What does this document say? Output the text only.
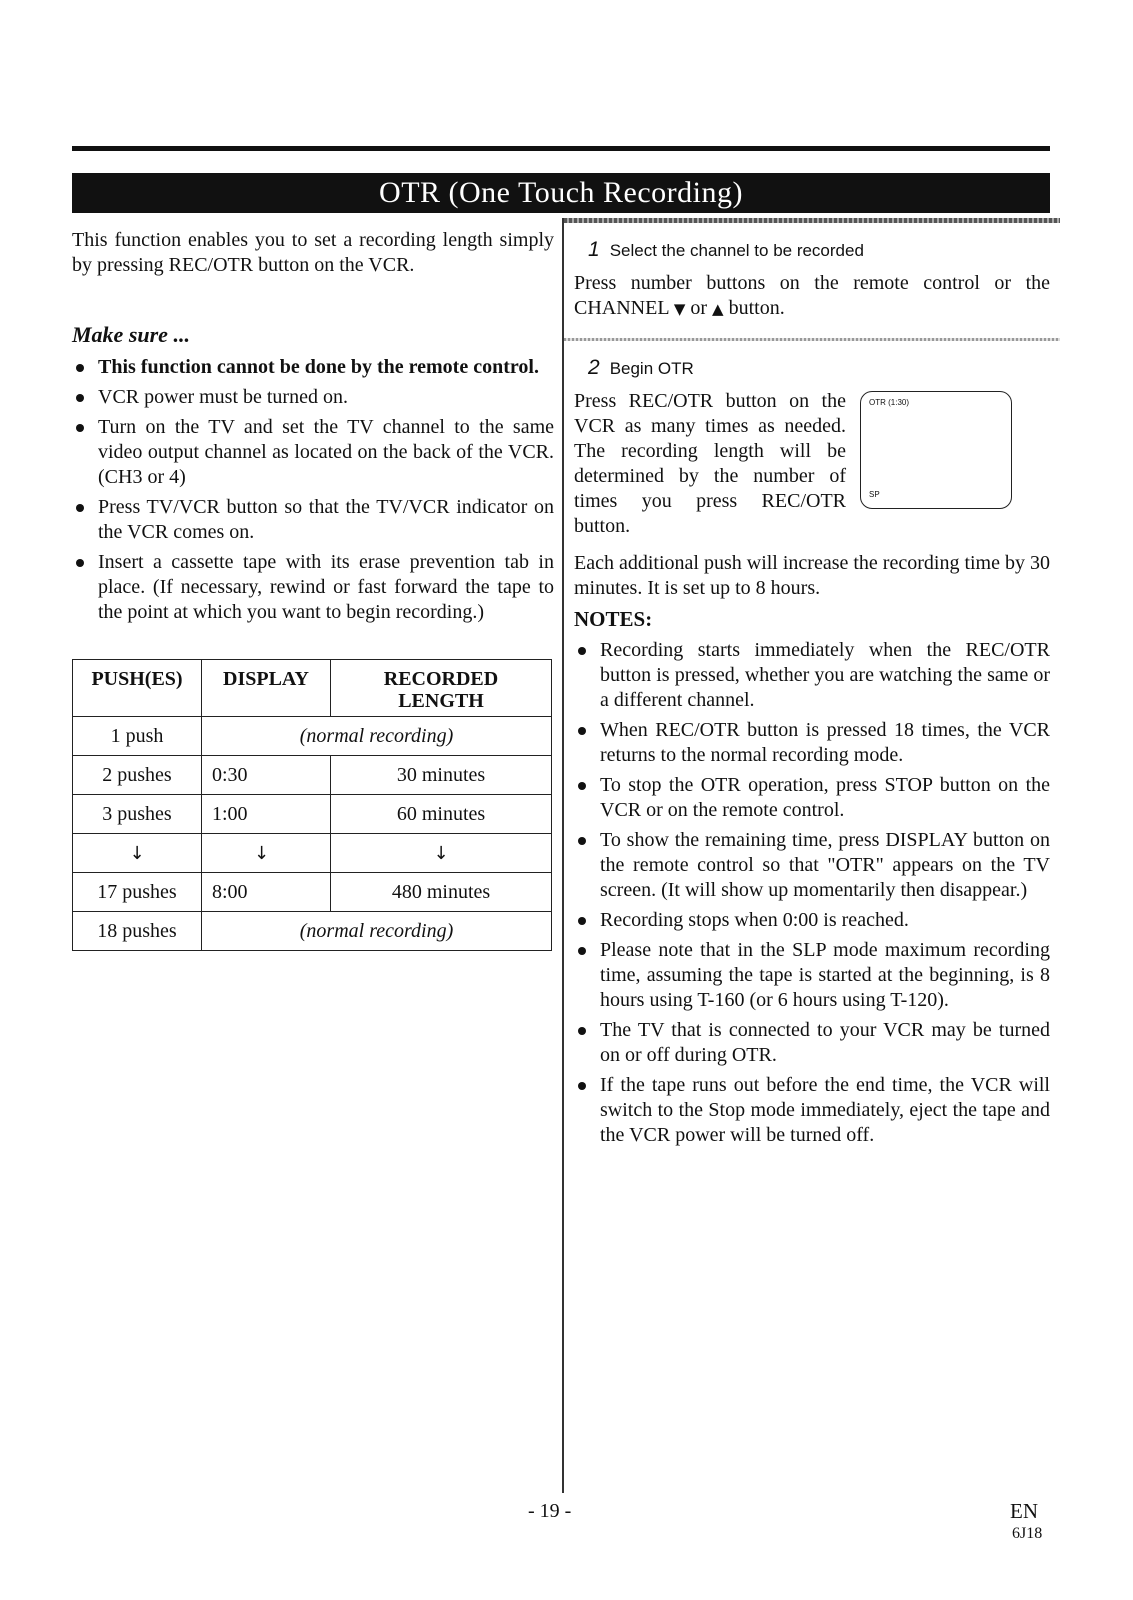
OTR (One Touch Recording)

This function enables you to set a recording length simply by pressing REC/OTR button on the VCR.

Make sure ...
This function cannot be done by the remote control.
VCR power must be turned on.
Turn on the TV and set the TV channel to the same video output channel as located on the back of the VCR. (CH3 or 4)
Press TV/VCR button so that the TV/VCR indicator on the VCR comes on.
Insert a cassette tape with its erase prevention tab in place. (If necessary, rewind or fast forward the tape to the point at which you want to begin recording.)
PUSH(ES)	DISPLAY	RECORDED LENGTH
1 push	(normal recording)	
2 pushes	0:30	30 minutes
3 pushes	1:00	60 minutes
↓	↓	↓
17 pushes	8:00	480 minutes
18 pushes	(normal recording)	
1 Select the channel to be recorded

Press number buttons on the remote control or the CHANNEL ▼ or ▲ button.

2 Begin OTR

Press REC/OTR button on the VCR as many times as needed. The recording length will be determined by the number of times you press REC/OTR button.

OTR (1:30)
SP

Each additional push will increase the recording time by 30 minutes. It is set up to 8 hours.

NOTES:
Recording starts immediately when the REC/OTR button is pressed, whether you are watching the same or a different channel.
When REC/OTR button is pressed 18 times, the VCR returns to the normal recording mode.
To stop the OTR operation, press STOP button on the VCR or on the remote control.
To show the remaining time, press DISPLAY button on the remote control so that "OTR" appears on the TV screen. (It will show up momentarily then disappear.)
Recording stops when 0:00 is reached.
Please note that in the SLP mode maximum recording time, assuming the tape is started at the beginning, is 8 hours using T-160 (or 6 hours using T-120).
The TV that is connected to your VCR may be turned on or off during OTR.
If the tape runs out before the end time, the VCR will switch to the Stop mode immediately, eject the tape and the VCR power will be turned off.
- 19 -	EN
6J18
